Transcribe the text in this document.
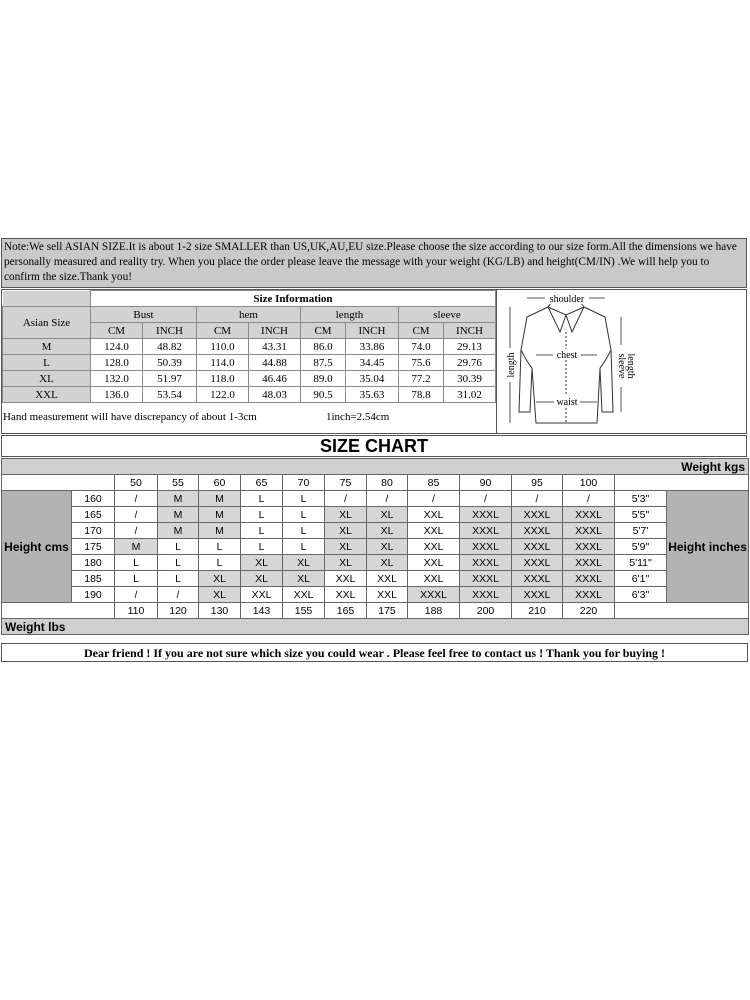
Note:We sell ASIAN SIZE.It is about 1-2 size SMALLER than US,UK,AU,EU size.Please choose the size according to our size form.All the dimensions we have personally measured and reality try. When you place the order please leave the message with your weight (KG/LB) and height(CM/IN) .We will help you to confirm the size.Thank you!
	Size Information							
Asian Size	Bust		hem		length		sleeve	
	CM	INCH	CM	INCH	CM	INCH	CM	INCH
M	124.0	48.82	110.0	43.31	86.0	33.86	74.0	29.13
L	128.0	50.39	114.0	44.88	87.5	34.45	75.6	29.76
XL	132.0	51.97	118.0	46.46	89.0	35.04	77.2	30.39
XXL	136.0	53.54	122.0	48.03	90.5	35.63	78.8	31.02
Hand measurement will have discrepancy of about 1-3cm	1inch=2.54cm
shoulder
chest
waist
length	sleeve
length
SIZE CHART
Weight kgs														
		50	55	60	65	70	75	80	85	90	95	100		
Height cms	160	/	M	M	L	L	/	/	/	/	/	/	5'3"	Height inches
	165	/	M	M	L	L	XL	XL	XXL	XXXL	XXXL	XXXL	5'5"	
	170	/	M	M	L	L	XL	XL	XXL	XXXL	XXXL	XXXL	5'7'	
	175	M	L	L	L	L	XL	XL	XXL	XXXL	XXXL	XXXL	5'9"	
	180	L	L	L	XL	XL	XL	XL	XXL	XXXL	XXXL	XXXL	5'11"	
	185	L	L	XL	XL	XL	XXL	XXL	XXL	XXXL	XXXL	XXXL	6'1"	
	190	/	/	XL	XXL	XXL	XXL	XXL	XXXL	XXXL	XXXL	XXXL	6'3"	
		110	120	130	143	155	165	175	188	200	210	220		
Weight lbs														
Dear friend ! If you are not sure which size you could wear . Please feel free to contact us ! Thank you for buying !
